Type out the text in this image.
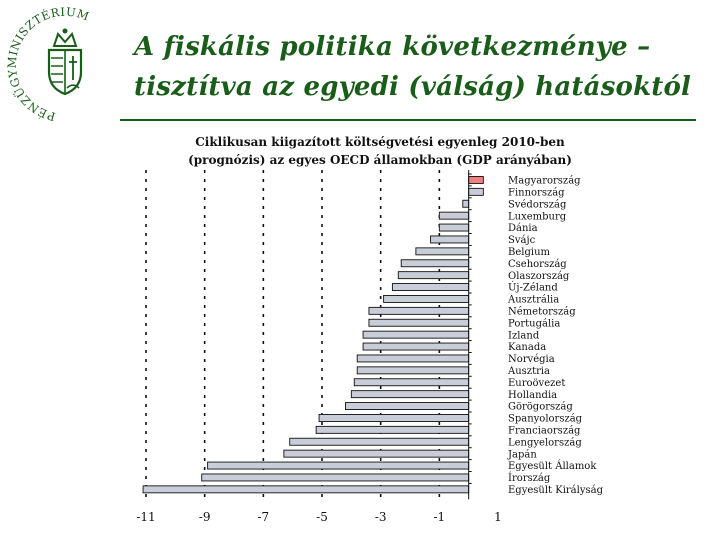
PÉNZÜGYMINISZTÉRIUM
A fiskális politika következménye –
tisztítva az egyedi (válság) hatásoktól
Ciklikusan kiigazított költségvetési egyenleg 2010-ben
(prognózis) az egyes OECD államokban (GDP arányában)
-11	-9	-7	-5	-3	-1	1
Magyarország
Finnország
Svédország
Luxemburg
Dánia
Svájc
Belgium
Csehország
Olaszország
Új-Zéland
Ausztrália
Németország
Portugália
Izland
Kanada
Norvégia
Ausztria
Euroövezet
Hollandia
Görögország
Spanyolország
Franciaország
Lengyelország
Japán
Egyesült Államok
Írország
Egyesült Királyság
